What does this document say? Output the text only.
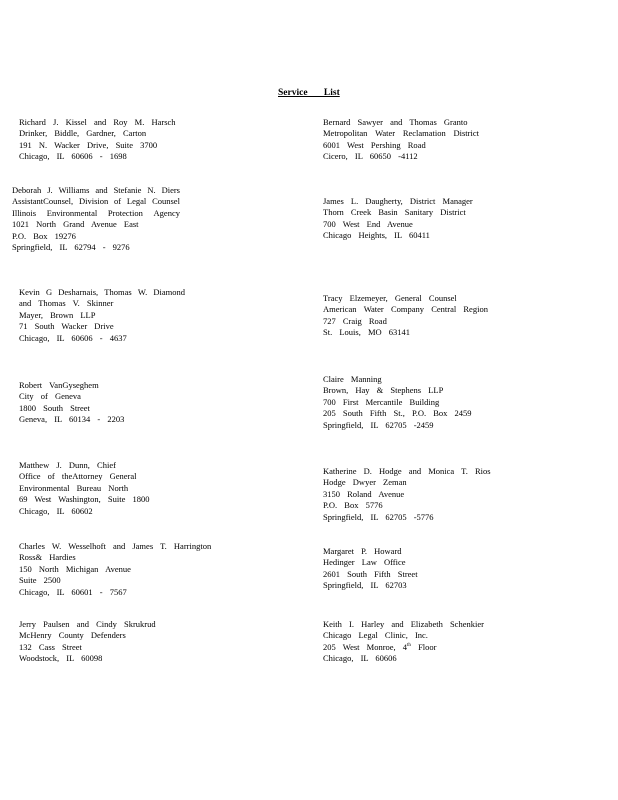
Service List
Richard J. Kissel and Roy M. Harsch
Drinker, Biddle, Gardner, Carton
191 N. Wacker Drive, Suite 3700
Chicago, IL 60606 - 1698
Deborah J. Williams and Stefanie N. Diers
AssistantCounsel, Division of Legal Counsel
Illinois Environmental Protection Agency
1021 North Grand Avenue East
P.O. Box 19276
Springfield, IL 62794 - 9276
Kevin G Desharnais, Thomas W. Diamond
and Thomas V. Skinner
Mayer, Brown LLP
71 South Wacker Drive
Chicago, IL 60606 - 4637
Robert VanGyseghem
City of Geneva
1800 South Street
Geneva, IL 60134 - 2203
Matthew J. Dunn, Chief
Office of theAttorney General
Environmental Bureau North
69 West Washington, Suite 1800
Chicago, IL 60602
Charles W. Wesselhoft and James T. Harrington
Ross& Hardies
150 North Michigan Avenue
Suite 2500
Chicago, IL 60601 - 7567
Jerry Paulsen and Cindy Skrukrud
McHenry County Defenders
132 Cass Street
Woodstock, IL 60098
Bernard Sawyer and Thomas Granto
Metropolitan Water Reclamation District
6001 West Pershing Road
Cicero, IL 60650 -4112
James L. Daugherty, District Manager
Thorn Creek Basin Sanitary District
700 West End Avenue
Chicago Heights, IL 60411
Tracy Elzemeyer, General Counsel
American Water Company Central Region
727 Craig Road
St. Louis, MO 63141
Claire Manning
Brown, Hay & Stephens LLP
700 First Mercantile Building
205 South Fifth St., P.O. Box 2459
Springfield, IL 62705 -2459
Katherine D. Hodge and Monica T. Rios
Hodge Dwyer Zeman
3150 Roland Avenue
P.O. Box 5776
Springfield, IL 62705 -5776
Margaret P. Howard
Hedinger Law Office
2601 South Fifth Street
Springfield, IL 62703
Keith I. Harley and Elizabeth Schenkier
Chicago Legal Clinic, Inc.
205 West Monroe, 4th Floor
Chicago, IL 60606
